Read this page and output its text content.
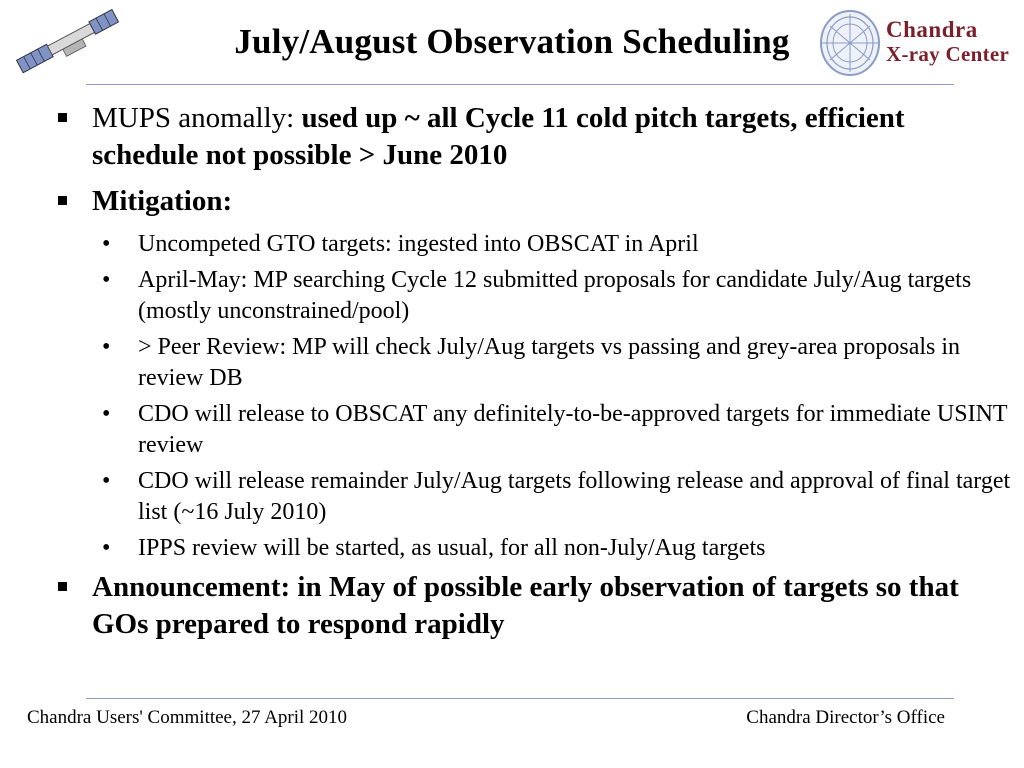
July/August Observation Scheduling	Chandra
X-ray Center
MUPS anomally: used up ~ all Cycle 11 cold pitch targets, efficient schedule not possible > June 2010
Mitigation:
• Uncompeted GTO targets: ingested into OBSCAT in April
• April-May: MP searching Cycle 12 submitted proposals for candidate July/Aug targets (mostly unconstrained/pool)
• > Peer Review: MP will check July/Aug targets vs passing and grey-area proposals in review DB
• CDO will release to OBSCAT any definitely-to-be-approved targets for immediate USINT review
• CDO will release remainder July/Aug targets following release and approval of final target list (~16 July 2010)
• IPPS review will be started, as usual, for all non-July/Aug targets
Announcement: in May of possible early observation of targets so that GOs prepared to respond rapidly
Chandra Users' Committee, 27 April 2010	Chandra Director’s Office
